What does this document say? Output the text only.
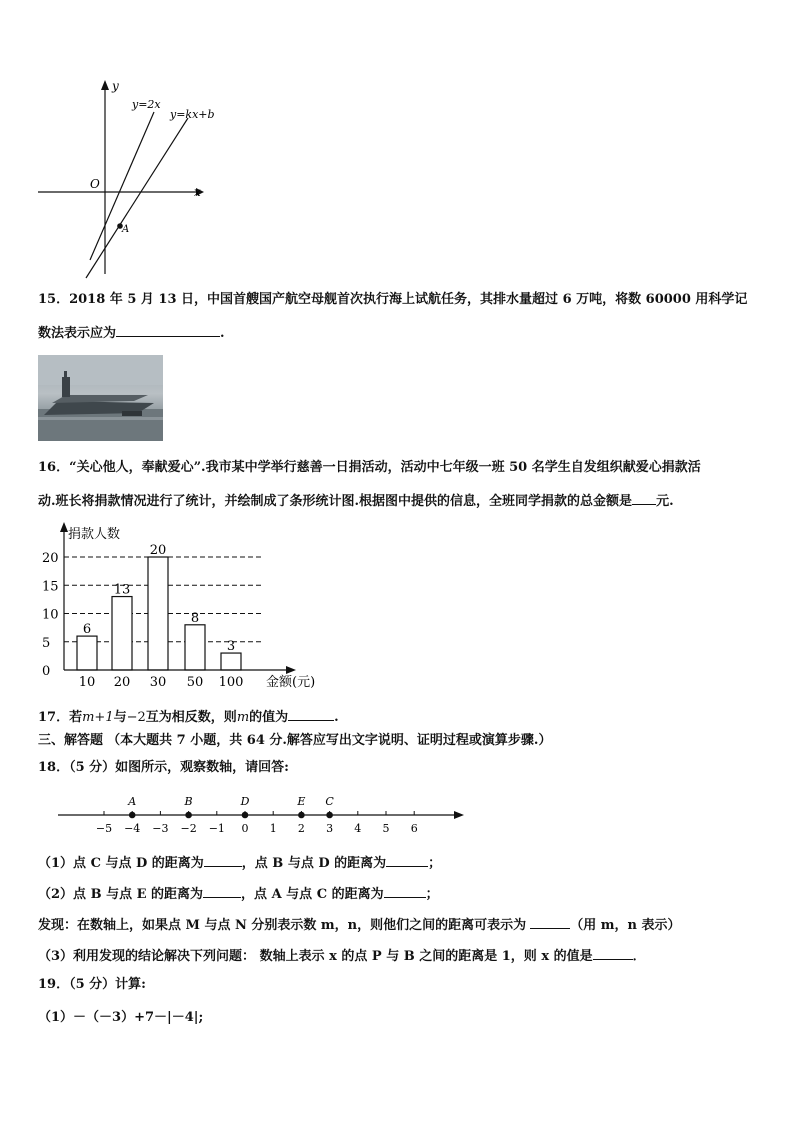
y
x
O
y=2x
y=kx+b
A
15．2018 年 5 月 13 日，中国首艘国产航空母舰首次执行海上试航任务，其排水量超过 6 万吨，将数 60000 用科学记
数法表示应为	.
16．“关心他人，奉献爱心”.我市某中学举行慈善一日捐活动，活动中七年级一班 50 名学生自发组织献爱心捐款活
动.班长将捐款情况进行了统计，并绘制成了条形统计图.根据图中提供的信息，全班同学捐款的总金额是 元.
0
5
10
15
20
6
10
13
20
20
30
8
50
3
100
捐款人数
金额(元)
17．若m+1与−2互为相反数，则m的值为	.
三、解答题 （本大题共 7 小题，共 64 分.解答应写出文字说明、证明过程或演算步骤.）
18．（5 分）如图所示，观察数轴，请回答:
−5 −4 −3 −2 −1 0 1 2 3 4 5 6
A	B	D	E C
（1）点 C 与点 D 的距离为	，点 B 与点 D 的距离为	；
（2）点 B 与点 E 的距离为	，点 A 与点 C 的距离为	；
发现：在数轴上，如果点 M 与点 N 分别表示数 m，n，则他们之间的距离可表示为	（用 m，n 表示）
（3）利用发现的结论解决下列问题： 数轴上表示 x 的点 P 与 B 之间的距离是 1，则 x 的值是	．
19．（5 分）计算:
（1）－（－3）+7－|－4|;
